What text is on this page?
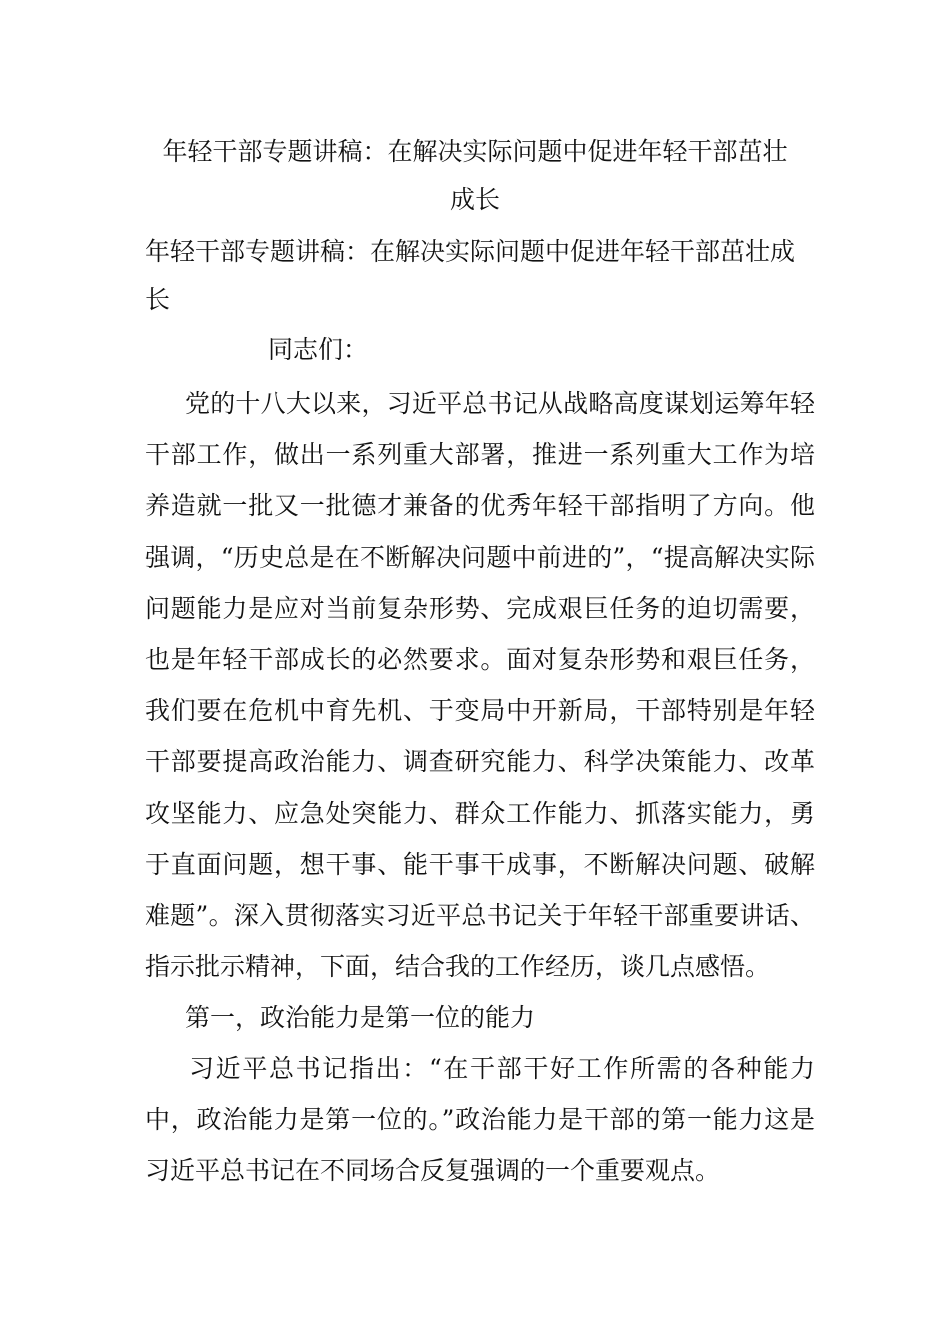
年轻干部专题讲稿：在解决实际问题中促进年轻干部茁壮
成长
年轻干部专题讲稿：在解决实际问题中促进年轻干部茁壮成长

同志们：

党的十八大以来，习近平总书记从战略高度谋划运筹年轻干部工作，做出一系列重大部署，推进一系列重大工作为培养造就一批又一批德才兼备的优秀年轻干部指明了方向。他强调，“历史总是在不断解决问题中前进的”，“提高解决实际问题能力是应对当前复杂形势、完成艰巨任务的迫切需要，也是年轻干部成长的必然要求。面对复杂形势和艰巨任务，我们要在危机中育先机、于变局中开新局，干部特别是年轻干部要提高政治能力、调查研究能力、科学决策能力、改革攻坚能力、应急处突能力、群众工作能力、抓落实能力，勇于直面问题，想干事、能干事干成事，不断解决问题、破解难题”。深入贯彻落实习近平总书记关于年轻干部重要讲话、指示批示精神，下面，结合我的工作经历，谈几点感悟。

第一，政治能力是第一位的能力

习近平总书记指出：“在干部干好工作所需的各种能力中，政治能力是第一位的。”政治能力是干部的第一能力这是习近平总书记在不同场合反复强调的一个重要观点。
